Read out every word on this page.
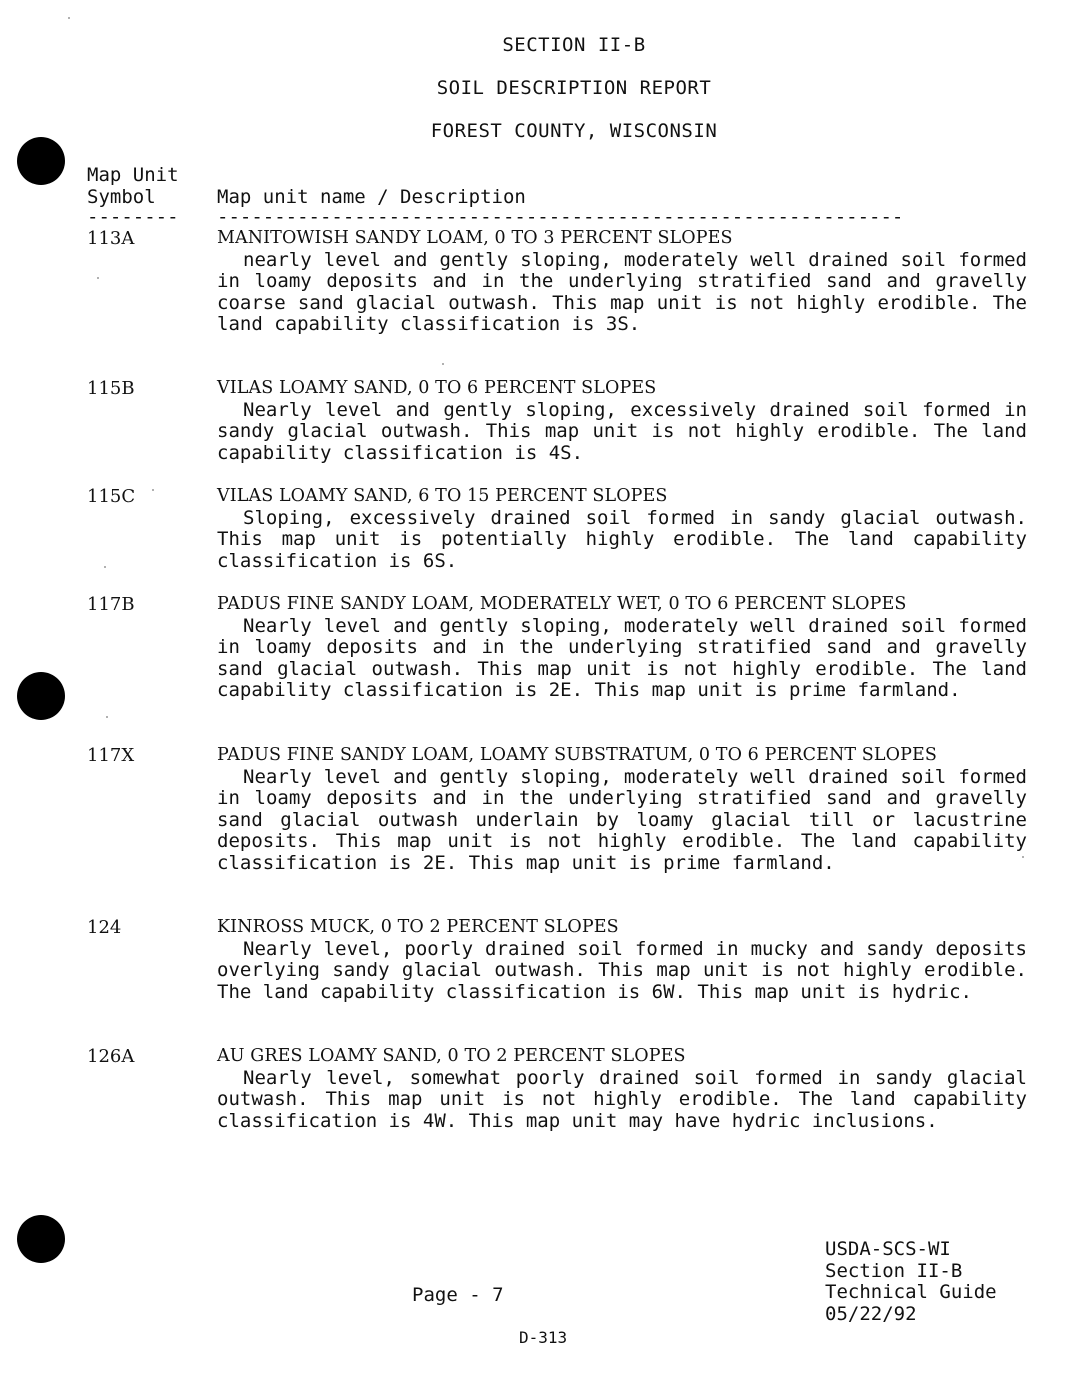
SECTION II-B
SOIL DESCRIPTION REPORT
FOREST COUNTY, WISCONSIN
Map Unit
Symbol	Map unit name / Description
-------- ------------------------------------------------------------
113A	MANITOWISH SANDY LOAM, 0 TO 3 PERCENT SLOPES
nearly level and gently sloping, moderately well drained soil formed in loamy deposits and in the underlying stratified sand and gravelly coarse sand glacial outwash. This map unit is not highly erodible. The land capability classification is 3S.
115B	VILAS LOAMY SAND, 0 TO 6 PERCENT SLOPES
Nearly level and gently sloping, excessively drained soil formed in sandy glacial outwash. This map unit is not highly erodible. The land capability classification is 4S.
115C	VILAS LOAMY SAND, 6 TO 15 PERCENT SLOPES
Sloping, excessively drained soil formed in sandy glacial outwash. This map unit is potentially highly erodible. The land capability classification is 6S.
117B	PADUS FINE SANDY LOAM, MODERATELY WET, 0 TO 6 PERCENT SLOPES
Nearly level and gently sloping, moderately well drained soil formed in loamy deposits and in the underlying stratified sand and gravelly sand glacial outwash. This map unit is not highly erodible. The land capability classification is 2E. This map unit is prime farmland.
117X	PADUS FINE SANDY LOAM, LOAMY SUBSTRATUM, 0 TO 6 PERCENT SLOPES
Nearly level and gently sloping, moderately well drained soil formed in loamy deposits and in the underlying stratified sand and gravelly sand glacial outwash underlain by loamy glacial till or lacustrine deposits. This map unit is not highly erodible. The land capability classification is 2E. This map unit is prime farmland.
124	KINROSS MUCK, 0 TO 2 PERCENT SLOPES
Nearly level, poorly drained soil formed in mucky and sandy deposits overlying sandy glacial outwash. This map unit is not highly erodible. The land capability classification is 6W. This map unit is hydric.
126A	AU GRES LOAMY SAND, 0 TO 2 PERCENT SLOPES
Nearly level, somewhat poorly drained soil formed in sandy glacial outwash. This map unit is not highly erodible. The land capability classification is 4W. This map unit may have hydric inclusions.
Page - 7
D-313
USDA-SCS-WI
Section II-B
Technical Guide
05/22/92
